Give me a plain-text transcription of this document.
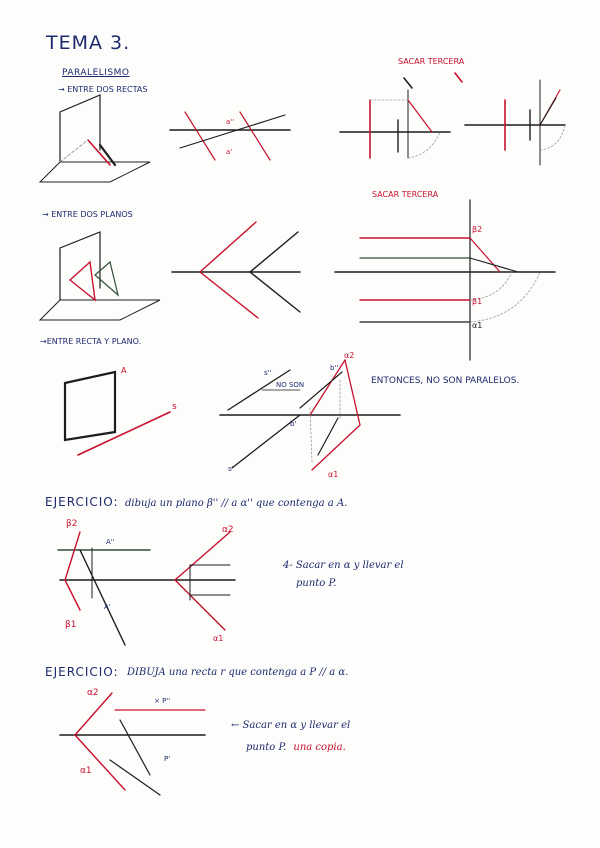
TEMA 3.
PARALELISMO
→ ENTRE DOS RECTAS
SACAR TERCERA
a''
a'
→ ENTRE DOS PLANOS
SACAR TERCERA
β2
β1
α1
→ENTRE RECTA Y PLANO.
A
s
s''
s'
α2
α1
b'
b''
NO SON	ENTONCES, NO SON PARALELOS.
EJERCICIO: dibuja un plano β'' // a α'' que contenga a A.
β2
β1
A''
A'
α2
α1
4- Sacar en α y llevar el
punto P.
EJERCICIO: DIBUJA una recta r que contenga a P // a α.
α2
α1
× P''
P'
← Sacar en α y llevar el
punto P. una copia.
